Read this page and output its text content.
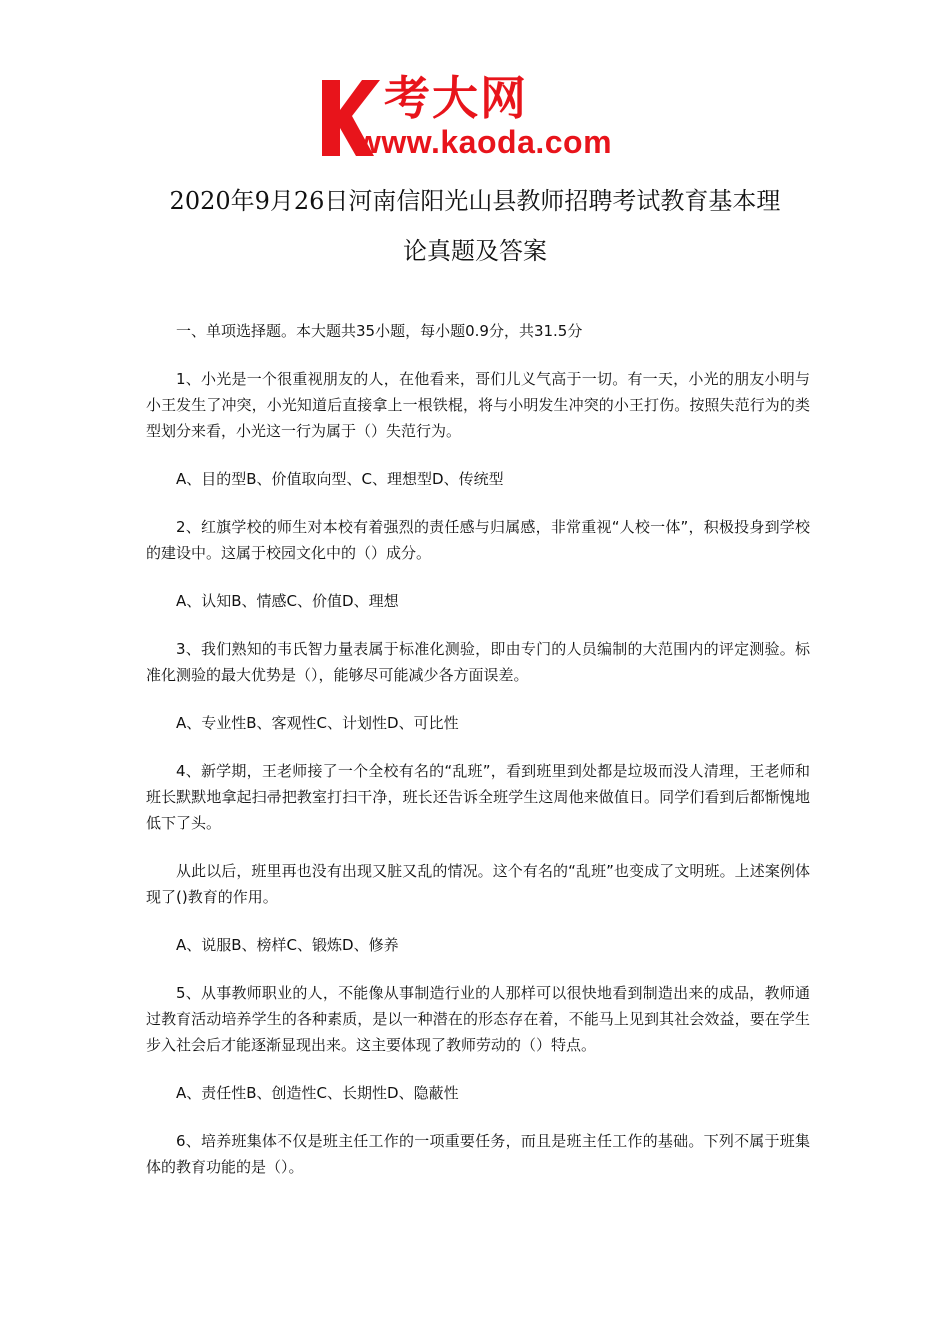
考大网
www.kaoda.com
2020年9月26日河南信阳光山县教师招聘考试教育基本理
论真题及答案

一、单项选择题。本大题共35小题，每小题0.9分，共31.5分

1、小光是一个很重视朋友的人，在他看来，哥们儿义气高于一切。有一天，小光的朋友小明与小王发生了冲突，小光知道后直接拿上一根铁棍，将与小明发生冲突的小王打伤。按照失范行为的类型划分来看，小光这一行为属于（）失范行为。

A、目的型B、价值取向型、C、理想型D、传统型

2、红旗学校的师生对本校有着强烈的责任感与归属感，非常重视“人校一体”，积极投身到学校的建设中。这属于校园文化中的（）成分。

A、认知B、情感C、价值D、理想

3、我们熟知的韦氏智力量表属于标准化测验，即由专门的人员编制的大范围内的评定测验。标准化测验的最大优势是（），能够尽可能减少各方面误差。

A、专业性B、客观性C、计划性D、可比性

4、新学期，王老师接了一个全校有名的“乱班”，看到班里到处都是垃圾而没人清理，王老师和班长默默地拿起扫帚把教室打扫干净，班长还告诉全班学生这周他来做值日。同学们看到后都惭愧地低下了头。

从此以后，班里再也没有出现又脏又乱的情况。这个有名的“乱班”也变成了文明班。上述案例体现了()教育的作用。

A、说服B、榜样C、锻炼D、修养

5、从事教师职业的人，不能像从事制造行业的人那样可以很快地看到制造出来的成品，教师通过教育活动培养学生的各种素质，是以一种潜在的形态存在着，不能马上见到其社会效益，要在学生步入社会后才能逐渐显现出来。这主要体现了教师劳动的（）特点。

A、责任性B、创造性C、长期性D、隐蔽性

6、培养班集体不仅是班主任工作的一项重要任务，而且是班主任工作的基础。下列不属于班集体的教育功能的是（）。
